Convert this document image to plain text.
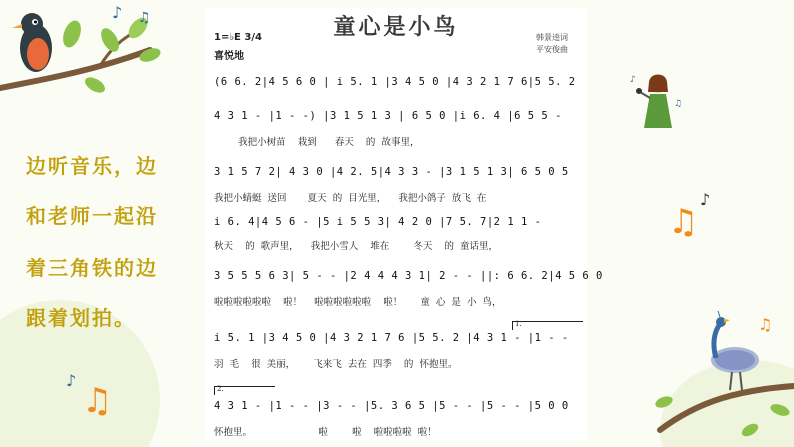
童心是小鸟
1=♭E 3/4
喜悦地
韩景逵词
平安俊曲
(6 6. 2|4 5 6 0 | i 5. 1 |3 4 5 0 |4 3 2 1 7 6|5 5. 2
4 3 1 - |1 - -) |3 1 5 1 3 | 6 5 0 |i 6. 4 |6 5 5 -
我把小树苗    栽到      春天    的  故事里，
3 1 5 7 2| 4 3 0 |4 2. 5|4 3 3 - |3 1 5 1 3| 6 5 0 5
我把小蜻蜓  送回       夏天  的  目光里，    我把小鸽子  放飞  在
i 6. 4|4 5 6 - |5 i 5 5 3| 4 2 0 |7 5. 7|2 1 1 -
秋天    的  歌声里，    我把小雪人    堆在        冬天    的  童话里，
3 5 5 5 6 3| 5 - - |2 4 4 4 3 1| 2 - - ||: 6 6. 2|4 5 6 0
啦啦啦啦啦啦    啦！    啦啦啦啦啦啦    啦！      童  心  是  小  鸟，
1.
i 5. 1 |3 4 5 0 |4 3 2 1 7 6 |5 5. 2 |4 3 1 - |1 - -
羽  毛    很  美丽，      飞来飞  去在  四季    的  怀抱里。
2.
4 3 1 - |1 - - |3 - - |5. 3 6 5 |5 - - |5 - - |5 0 0
怀抱里。                      啦        啦    啦啦啦啦  啦！
边听音乐，边
和老师一起沿
着三角铁的边
跟着划拍。
♪ ♫
♪
♫
♫
♪
♫
♪
♫
